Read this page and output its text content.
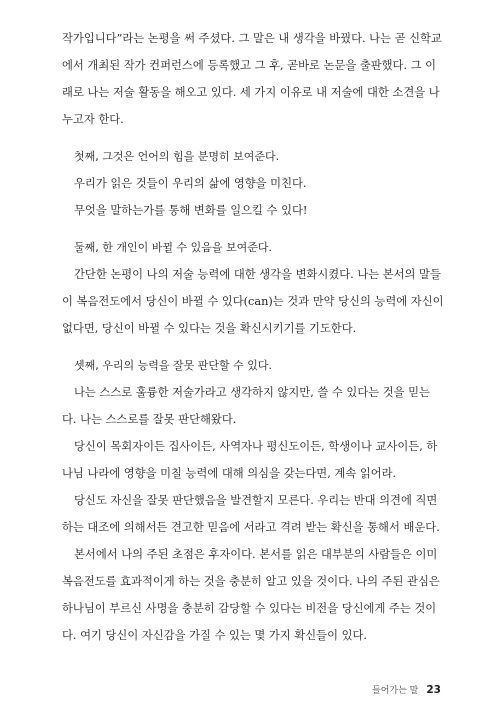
작가입니다”라는 논평을 써 주셨다. 그 말은 내 생각을 바꿨다. 나는 곧 신학교
에서 개최된 작가 컨퍼런스에 등록했고 그 후, 곧바로 논문을 출판했다. 그 이
래로 나는 저술 활동을 해오고 있다. 세 가지 이유로 내 저술에 대한 소견을 나
누고자 한다.
첫째, 그것은 언어의 힘을 분명히 보여준다.
우리가 읽은 것들이 우리의 삶에 영향을 미친다.
무엇을 말하는가를 통해 변화를 일으킬 수 있다!
둘째, 한 개인이 바뀔 수 있음을 보여준다.
간단한 논평이 나의 저술 능력에 대한 생각을 변화시켰다. 나는 본서의 말들
이 복음전도에서 당신이 바뀔 수 있다(can)는 것과 만약 당신의 능력에 자신이
없다면, 당신이 바뀔 수 있다는 것을 확신시키기를 기도한다.
셋째, 우리의 능력을 잘못 판단할 수 있다.
나는 스스로 훌륭한 저술가라고 생각하지 않지만, 쓸 수 있다는 것을 믿는
다. 나는 스스로를 잘못 판단해왔다.
당신이 목회자이든 집사이든, 사역자나 평신도이든, 학생이나 교사이든, 하
나님 나라에 영향을 미칠 능력에 대해 의심을 갖는다면, 계속 읽어라.
당신도 자신을 잘못 판단했음을 발견할지 모른다. 우리는 반대 의견에 직면
하는 대조에 의해서든 견고한 믿음에 서라고 격려 받는 확신을 통해서 배운다.
본서에서 나의 주된 초점은 후자이다. 본서를 읽은 대부분의 사람들은 이미
복음전도를 효과적이게 하는 것을 충분히 알고 있을 것이다. 나의 주된 관심은
하나님이 부르신 사명을 충분히 감당할 수 있다는 비전을 당신에게 주는 것이
다. 여기 당신이 자신감을 가질 수 있는 몇 가지 확신들이 있다.
들어가는 말 23
